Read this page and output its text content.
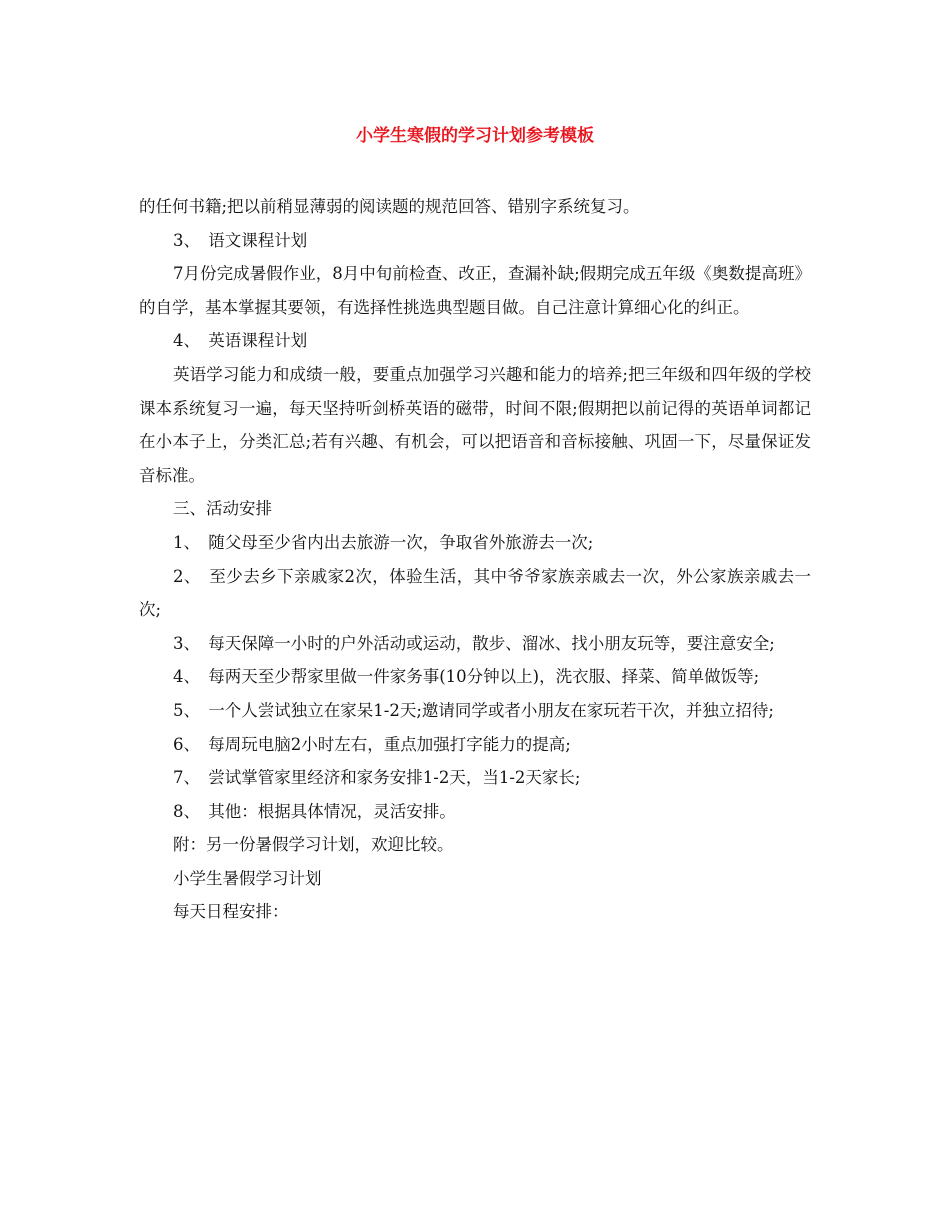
小学生寒假的学习计划参考模板

的任何书籍;把以前稍显薄弱的阅读题的规范回答、错别字系统复习。

3、　语文课程计划

7月份完成暑假作业，8月中旬前检查、改正，查漏补缺;假期完成五年级《奥数提高班》的自学，基本掌握其要领，有选择性挑选典型题目做。自己注意计算细心化的纠正。

4、　英语课程计划

英语学习能力和成绩一般，要重点加强学习兴趣和能力的培养;把三年级和四年级的学校课本系统复习一遍，每天坚持听剑桥英语的磁带，时间不限;假期把以前记得的英语单词都记在小本子上，分类汇总;若有兴趣、有机会，可以把语音和音标接触、巩固一下，尽量保证发音标准。

三、活动安排

1、　随父母至少省内出去旅游一次，争取省外旅游去一次;

2、　至少去乡下亲戚家2次，体验生活，其中爷爷家族亲戚去一次，外公家族亲戚去一次;

3、　每天保障一小时的户外活动或运动，散步、溜冰、找小朋友玩等，要注意安全;

4、　每两天至少帮家里做一件家务事(10分钟以上)，洗衣服、择菜、简单做饭等;

5、　一个人尝试独立在家呆1-2天;邀请同学或者小朋友在家玩若干次，并独立招待;

6、　每周玩电脑2小时左右，重点加强打字能力的提高;

7、　尝试掌管家里经济和家务安排1-2天，当1-2天家长;

8、　其他：根据具体情况，灵活安排。

附：另一份暑假学习计划，欢迎比较。

小学生暑假学习计划

每天日程安排：
